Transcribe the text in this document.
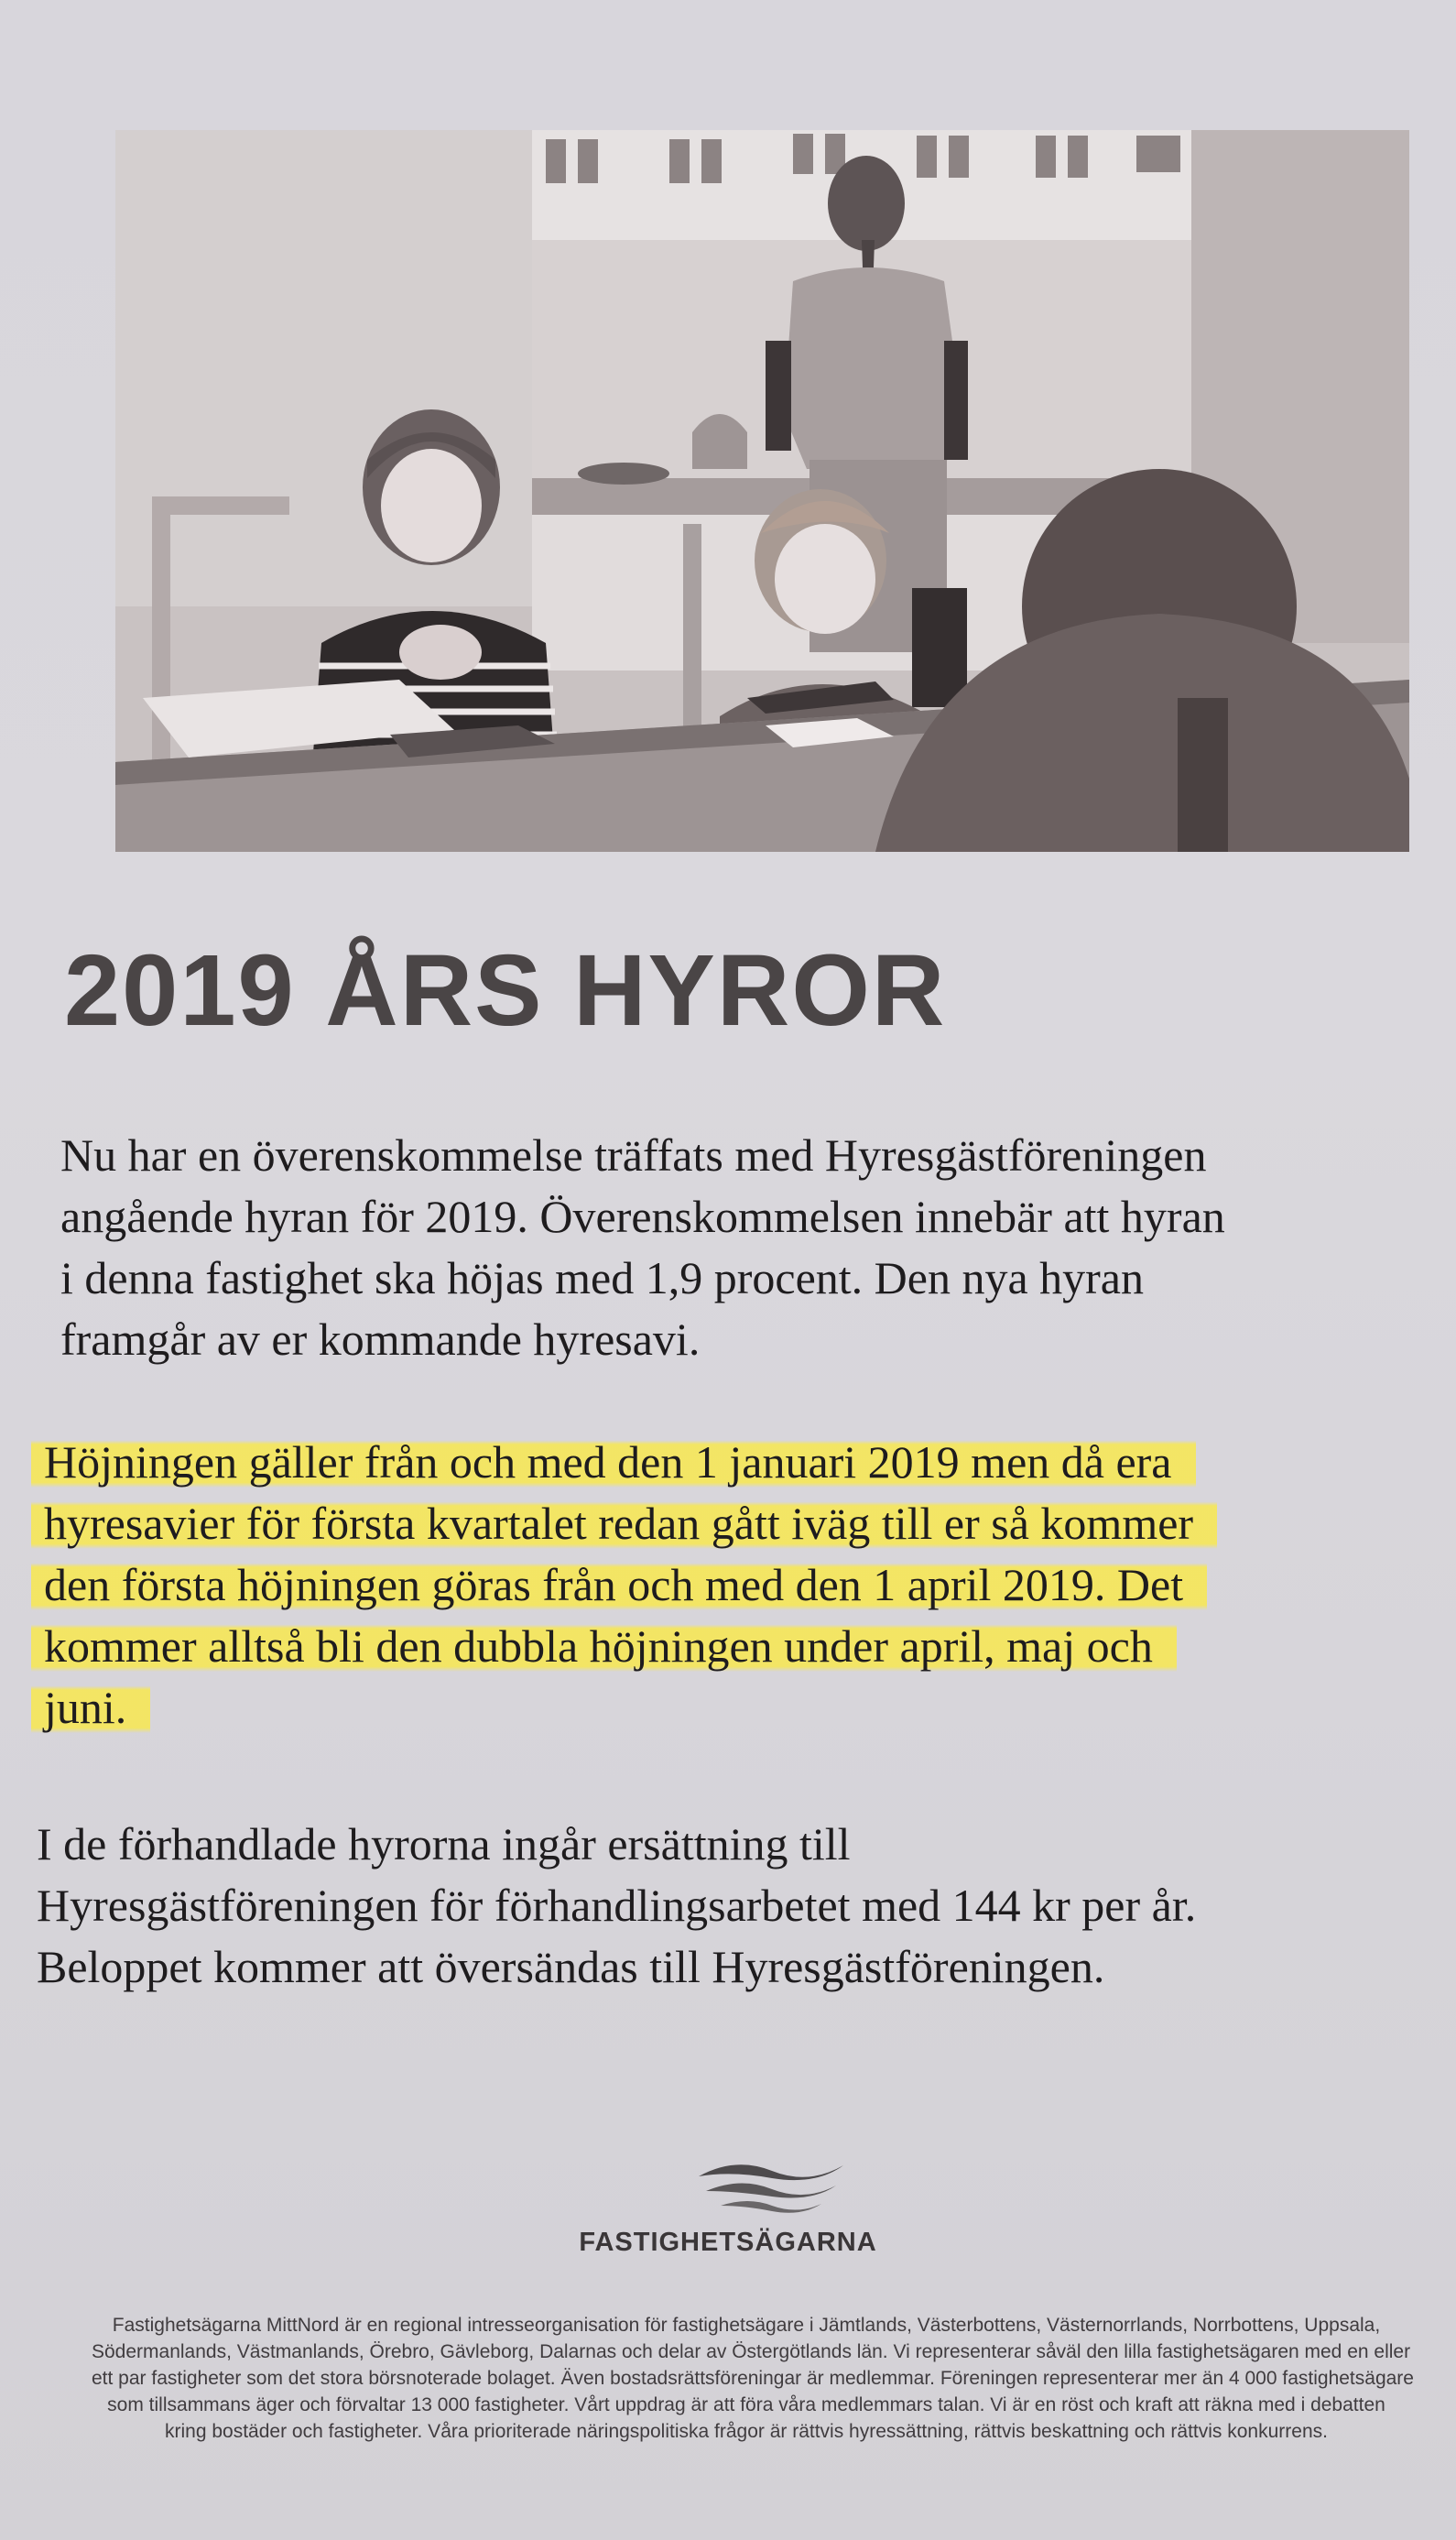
2019 ÅRS HYROR

Nu har en överenskommelse träffats med Hyresgästföreningen
angående hyran för 2019. Överenskommelsen innebär att hyran
i denna fastighet ska höjas med 1,9 procent. Den nya hyran
framgår av er kommande hyresavi.

Höjningen gäller från och med den 1 januari 2019 men då era
hyresavier för första kvartalet redan gått iväg till er så kommer
den första höjningen göras från och med den 1 april 2019. Det
kommer alltså bli den dubbla höjningen under april, maj och
juni.

I de förhandlade hyrorna ingår ersättning till
Hyresgästföreningen för förhandlingsarbetet med 144 kr per år.
Beloppet kommer att översändas till Hyresgästföreningen.

FASTIGHETSÄGARNA

Fastighetsägarna MittNord är en regional intresseorganisation för fastighetsägare i Jämtlands, Västerbottens, Västernorrlands, Norrbottens, Uppsala,
Södermanlands, Västmanlands, Örebro, Gävleborg, Dalarnas och delar av Östergötlands län. Vi representerar såväl den lilla fastighetsägaren med en eller
ett par fastigheter som det stora börsnoterade bolaget. Även bostadsrättsföreningar är medlemmar. Föreningen representerar mer än 4 000 fastighetsägare
som tillsammans äger och förvaltar 13 000 fastigheter. Vårt uppdrag är att föra våra medlemmars talan. Vi är en röst och kraft att räkna med i debatten
kring bostäder och fastigheter. Våra prioriterade näringspolitiska frågor är rättvis hyressättning, rättvis beskattning och rättvis konkurrens.
